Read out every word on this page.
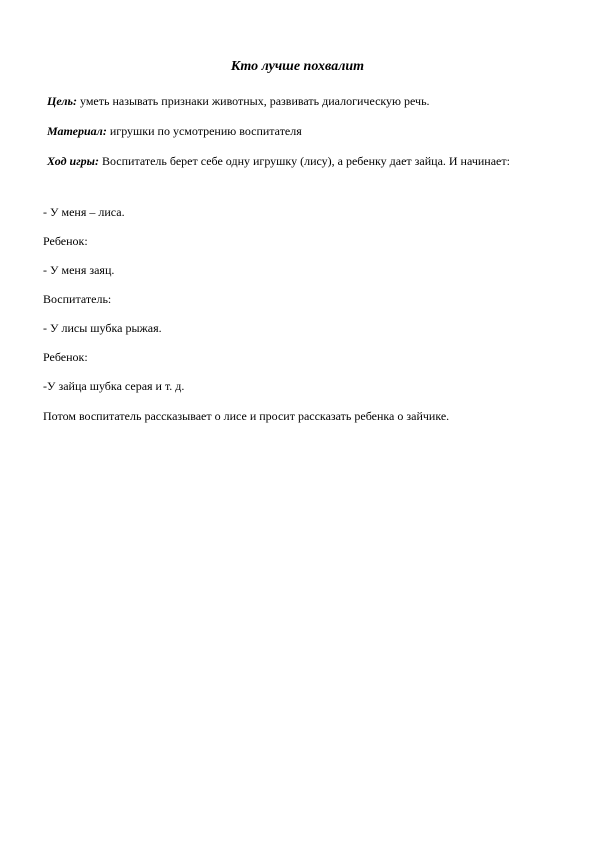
Кто лучше похвалит
Цель: уметь называть признаки животных, развивать диалогическую речь.
Материал: игрушки по усмотрению воспитателя
Ход игры: Воспитатель берет себе одну игрушку (лису), а ребенку дает зайца. И начинает:
- У меня – лиса.
Ребенок:
- У меня заяц.
Воспитатель:
- У лисы шубка рыжая.
Ребенок:
-У зайца шубка серая и т. д.
Потом воспитатель рассказывает о лисе и просит рассказать ребенка о зайчике.
